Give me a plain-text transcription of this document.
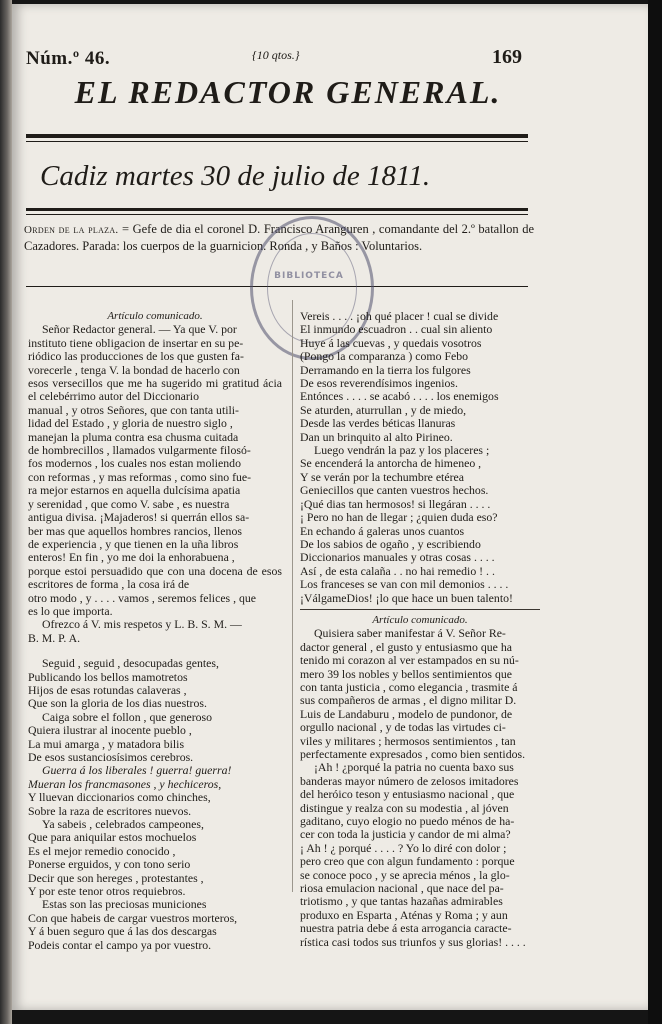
Núm.º 46.	{10 qtos.}	169
EL REDACTOR GENERAL.
Cadiz martes 30 de julio de 1811.
Orden de la plaza. = Gefe de dia el coronel D. Francisco Aranguren , comandante del 2.º batallon de Cazadores. Parada: los cuerpos de la guarnicion. Ronda , y Baños : Voluntarios.
BIBLIOTECA
Artículo comunicado.
Señor Redactor general. — Ya que V. por
instituto tiene obligacion de insertar en su pe-
riódico las producciones de los que gusten fa-
vorecerle , tenga V. la bondad de hacerlo con
esos versecillos que me ha sugerido mi gratitud ácia el celebérrimo autor del Diccionario
manual , y otros Señores, que con tanta utili-
lidad del Estado , y gloria de nuestro siglo ,
manejan la pluma contra esa chusma cuitada
de hombrecillos , llamados vulgarmente filosó-
fos modernos , los cuales nos estan moliendo
con reformas , y mas reformas , como sino fue-
ra mejor estarnos en aquella dulcísima apatia
y serenidad , que como V. sabe , es nuestra
antigua divisa. ¡Majaderos! si querrán ellos sa-
ber mas que aquellos hombres rancios, llenos
de experiencia , y que tienen en la uña libros
enteros! En fin , yo me doi la enhorabuena ,
porque estoi persuadido que con una docena de esos escritores de forma , la cosa irá de
otro modo , y . . . . vamos , seremos felices , que
es lo que importa.
Ofrezco á V. mis respetos y L. B. S. M. —
B. M. P. A.
Seguid , seguid , desocupadas gentes,
Publicando los bellos mamotretos
Hijos de esas rotundas calaveras ,
Que son la gloria de los dias nuestros.
Caiga sobre el follon , que generoso
Quiera ilustrar al inocente pueblo ,
La mui amarga , y matadora bilis
De esos sustanciosísimos cerebros.
Guerra á los liberales ! guerra! guerra!
Mueran los francmasones , y hechiceros,
Y lluevan diccionarios como chinches,
Sobre la raza de escritores nuevos.
Ya sabeis , celebrados campeones,
Que para aniquilar estos mochuelos
Es el mejor remedio conocido ,
Ponerse erguidos, y con tono serio
Decir que son hereges , protestantes ,
Y por este tenor otros requiebros.
Estas son las preciosas municiones
Con que habeis de cargar vuestros morteros,
Y á buen seguro que á las dos descargas
Podeis contar el campo ya por vuestro.
Vereis . . . . ¡oh qué placer ! cual se divide
El inmundo escuadron . . cual sin aliento
Huye á las cuevas , y quedais vosotros
(Pongo la comparanza ) como Febo
Derramando en la tierra los fulgores
De esos reverendísimos ingenios.
Entónces . . . . se acabó . . . . los enemigos
Se aturden, aturrullan , y de miedo,
Desde las verdes béticas llanuras
Dan un brinquito al alto Pirineo.
Luego vendrán la paz y los placeres ;
Se encenderá la antorcha de himeneo ,
Y se verán por la techumbre etérea
Geniecillos que canten vuestros hechos.
¡Qué dias tan hermosos! si llegáran . . . .
¡ Pero no han de llegar ; ¿quien duda eso?
En echando á galeras unos cuantos
De los sabios de ogaño , y escribiendo
Diccionarios manuales y otras cosas . . . .
Así , de esta calaña . . no hai remedio ! . .
Los franceses se van con mil demonios . . . .
¡VálgameDios! ¡lo que hace un buen talento!
Artículo comunicado.
Quisiera saber manifestar á V. Señor Re-
dactor general , el gusto y entusiasmo que ha
tenido mi corazon al ver estampados en su nú-
mero 39 los nobles y bellos sentimientos que
con tanta justicia , como elegancia , trasmite á
sus compañeros de armas , el digno militar D.
Luis de Landaburu , modelo de pundonor, de
orgullo nacional , y de todas las virtudes ci-
viles y militares ; hermosos sentimientos , tan
perfectamente expresados , como bien sentidos.
¡Ah ! ¿porqué la patria no cuenta baxo sus
banderas mayor número de zelosos imitadores
del heróico teson y entusiasmo nacional , que
distingue y realza con su modestia , al jóven
gaditano, cuyo elogio no puedo ménos de ha-
cer con toda la justicia y candor de mi alma?
¡ Ah ! ¿ porqué . . . . ? Yo lo diré con dolor ;
pero creo que con algun fundamento : porque
se conoce poco , y se aprecia ménos , la glo-
riosa emulacion nacional , que nace del pa-
triotismo , y que tantas hazañas admirables
produxo en Esparta , Aténas y Roma ; y aun
nuestra patria debe á esta arrogancia caracte-
rística casi todos sus triunfos y sus glorias! . . . .
